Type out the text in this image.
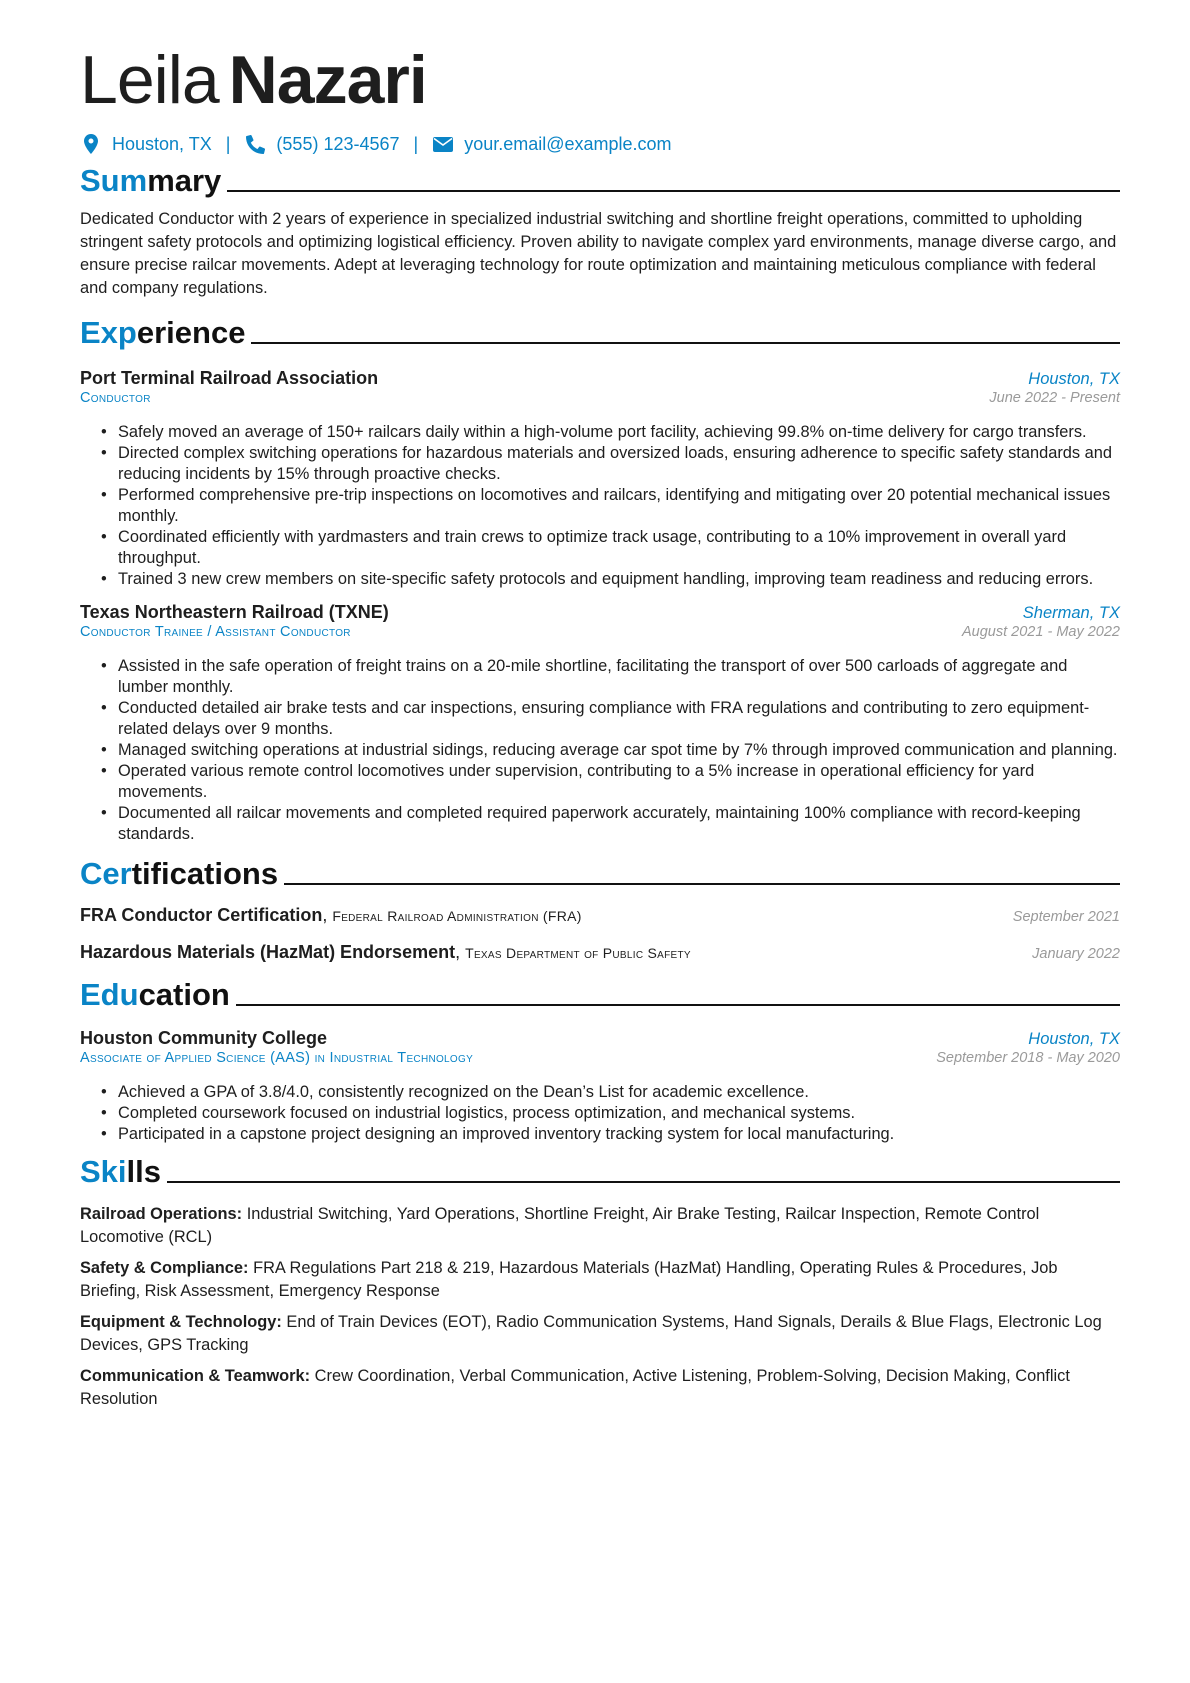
Leila Nazari
Houston, TX |	(555) 123-4567 |	your.email@example.com
Summary
Dedicated Conductor with 2 years of experience in specialized industrial switching and shortline freight operations, committed to upholding stringent safety protocols and optimizing logistical efficiency. Proven ability to navigate complex yard environments, manage diverse cargo, and ensure precise railcar movements. Adept at leveraging technology for route optimization and maintaining meticulous compliance with federal and company regulations.
Experience
Port Terminal Railroad Association	Houston, TX
Conductor	June 2022 - Present
• Safely moved an average of 150+ railcars daily within a high-volume port facility, achieving 99.8% on-time delivery for cargo transfers.
• Directed complex switching operations for hazardous materials and oversized loads, ensuring adherence to specific safety standards and reducing incidents by 15% through proactive checks.
• Performed comprehensive pre-trip inspections on locomotives and railcars, identifying and mitigating over 20 potential mechanical issues monthly.
• Coordinated efficiently with yardmasters and train crews to optimize track usage, contributing to a 10% improvement in overall yard throughput.
• Trained 3 new crew members on site-specific safety protocols and equipment handling, improving team readiness and reducing errors.
Texas Northeastern Railroad (TXNE)	Sherman, TX
Conductor Trainee / Assistant Conductor	August 2021 - May 2022
• Assisted in the safe operation of freight trains on a 20-mile shortline, facilitating the transport of over 500 carloads of aggregate and lumber monthly.
• Conducted detailed air brake tests and car inspections, ensuring compliance with FRA regulations and contributing to zero equipment-related delays over 9 months.
• Managed switching operations at industrial sidings, reducing average car spot time by 7% through improved communication and planning.
• Operated various remote control locomotives under supervision, contributing to a 5% increase in operational efficiency for yard movements.
• Documented all railcar movements and completed required paperwork accurately, maintaining 100% compliance with record-keeping standards.
Certifications
FRA Conductor Certification, Federal Railroad Administration (FRA)	September 2021
Hazardous Materials (HazMat) Endorsement, Texas Department of Public Safety	January 2022
Education
Houston Community College	Houston, TX
Associate of Applied Science (AAS) in Industrial Technology	September 2018 - May 2020
• Achieved a GPA of 3.8/4.0, consistently recognized on the Dean’s List for academic excellence.
• Completed coursework focused on industrial logistics, process optimization, and mechanical systems.
• Participated in a capstone project designing an improved inventory tracking system for local manufacturing.
Skills
Railroad Operations: Industrial Switching, Yard Operations, Shortline Freight, Air Brake Testing, Railcar Inspection, Remote Control Locomotive (RCL)
Safety & Compliance: FRA Regulations Part 218 & 219, Hazardous Materials (HazMat) Handling, Operating Rules & Procedures, Job Briefing, Risk Assessment, Emergency Response
Equipment & Technology: End of Train Devices (EOT), Radio Communication Systems, Hand Signals, Derails & Blue Flags, Electronic Log Devices, GPS Tracking
Communication & Teamwork: Crew Coordination, Verbal Communication, Active Listening, Problem-Solving, Decision Making, Conflict Resolution
